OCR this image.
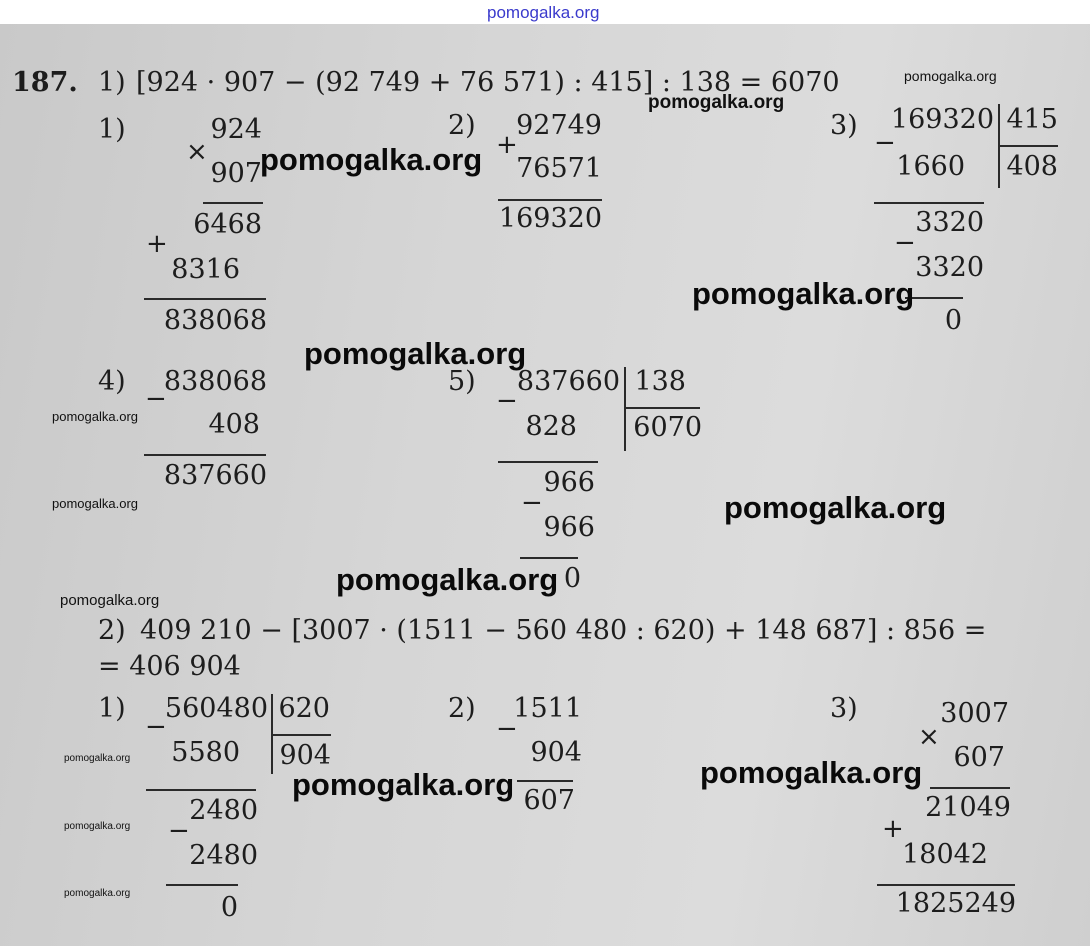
pomogalka.org
187. 1) [924 · 907 − (92 749 + 76 571) : 415] : 138 = 6070
1)	924
×
907
6468
+
8316
838068
2)	92749
+
76571
169320
3)
−
169320 415
408
1660
3320
−
3320
0
4)
−
838068
408
837660
5)
−
837660 138
6070
828
966
−
966
0
2) 409 210 − [3007 · (1511 − 560 480 : 620) + 148 687] : 856 =
= 406 904
1)
−
560480 620
904
5580
2480
−
2480
0
2)
−
1511
904
607
3)	3007
×
607
21049
+
18042
1825249
pomogalka.org
pomogalka.org
pomogalka.org
pomogalka.org
pomogalka.org
pomogalka.org
pomogalka.org	pomogalka.org
pomogalka.org
pomogalka.org
pomogalka.org
pomogalka.org	pomogalka.org
pomogalka.org
pomogalka.org
